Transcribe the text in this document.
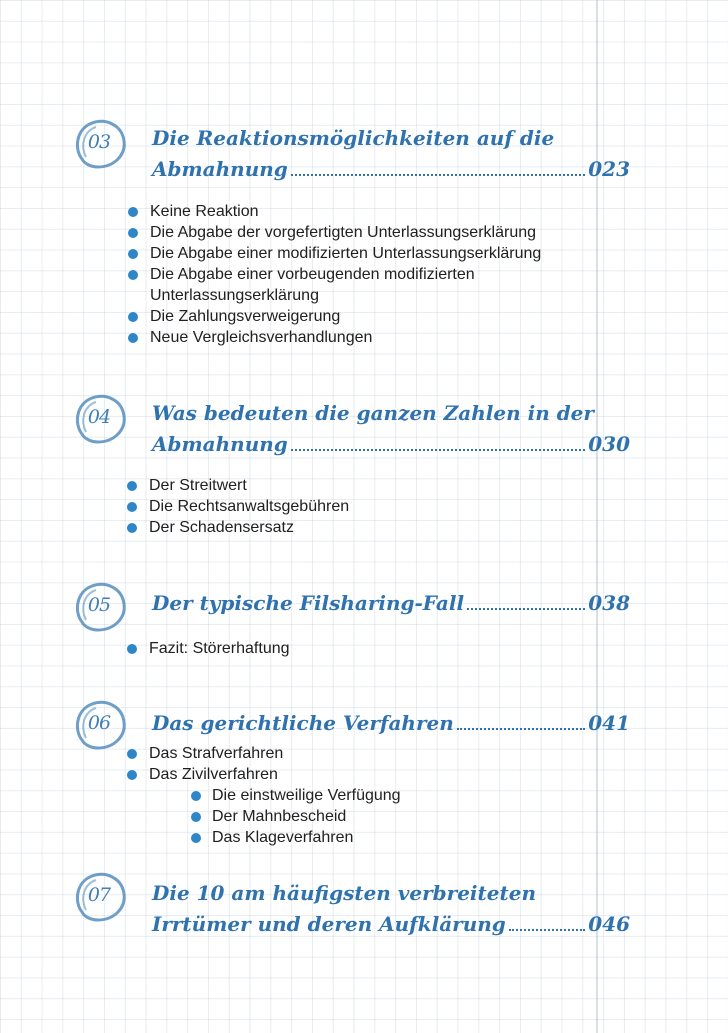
03	Die Reaktionsmöglichkeiten auf die
Abmahnung	023
Keine Reaktion
Die Abgabe der vorgefertigten Unterlassungserklärung
Die Abgabe einer modifizierten Unterlassungserklärung
Die Abgabe einer vorbeugenden modifizierten
Unterlassungserklärung
Die Zahlungsverweigerung
Neue Vergleichsverhandlungen
04	Was bedeuten die ganzen Zahlen in der
Abmahnung	030
Der Streitwert
Die Rechtsanwaltsgebühren
Der Schadensersatz
05	Der typische Filsharing-Fall	038
Fazit: Störerhaftung
06	Das gerichtliche Verfahren	041
Das Strafverfahren
Das Zivilverfahren
Die einstweilige Verfügung
Der Mahnbescheid
Das Klageverfahren
07	Die 10 am häufigsten verbreiteten
Irrtümer und deren Aufklärung	046
